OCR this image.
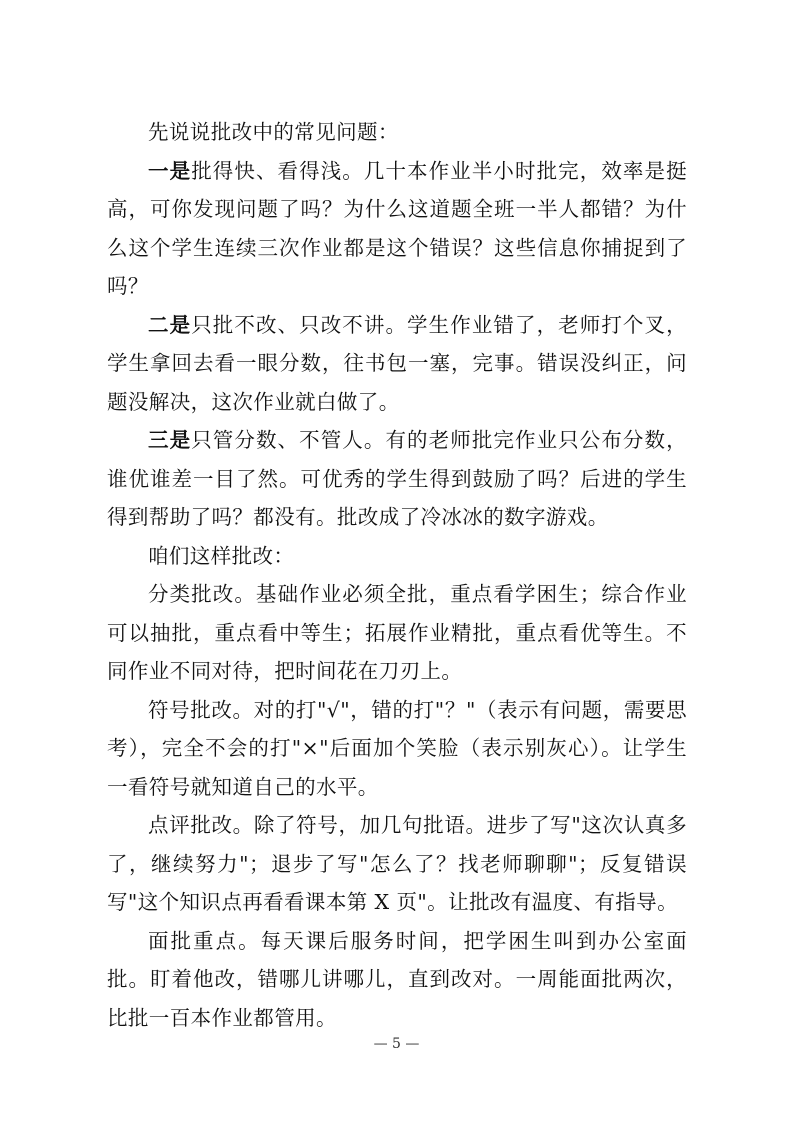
先说说批改中的常见问题：

一是批得快、看得浅。几十本作业半小时批完，效率是挺高，可你发现问题了吗？为什么这道题全班一半人都错？为什么这个学生连续三次作业都是这个错误？这些信息你捕捉到了吗？

二是只批不改、只改不讲。学生作业错了，老师打个叉，学生拿回去看一眼分数，往书包一塞，完事。错误没纠正，问题没解决，这次作业就白做了。

三是只管分数、不管人。有的老师批完作业只公布分数，谁优谁差一目了然。可优秀的学生得到鼓励了吗？后进的学生得到帮助了吗？都没有。批改成了冷冰冰的数字游戏。

咱们这样批改：

分类批改。基础作业必须全批，重点看学困生；综合作业可以抽批，重点看中等生；拓展作业精批，重点看优等生。不同作业不同对待，把时间花在刀刃上。

符号批改。对的打"√"，错的打"？"（表示有问题，需要思考），完全不会的打"×"后面加个笑脸（表示别灰心）。让学生一看符号就知道自己的水平。

点评批改。除了符号，加几句批语。进步了写"这次认真多了，继续努力"；退步了写"怎么了？找老师聊聊"；反复错误写"这个知识点再看看课本第 X 页"。让批改有温度、有指导。

面批重点。每天课后服务时间，把学困生叫到办公室面批。盯着他改，错哪儿讲哪儿，直到改对。一周能面批两次，比批一百本作业都管用。

— 5 —
